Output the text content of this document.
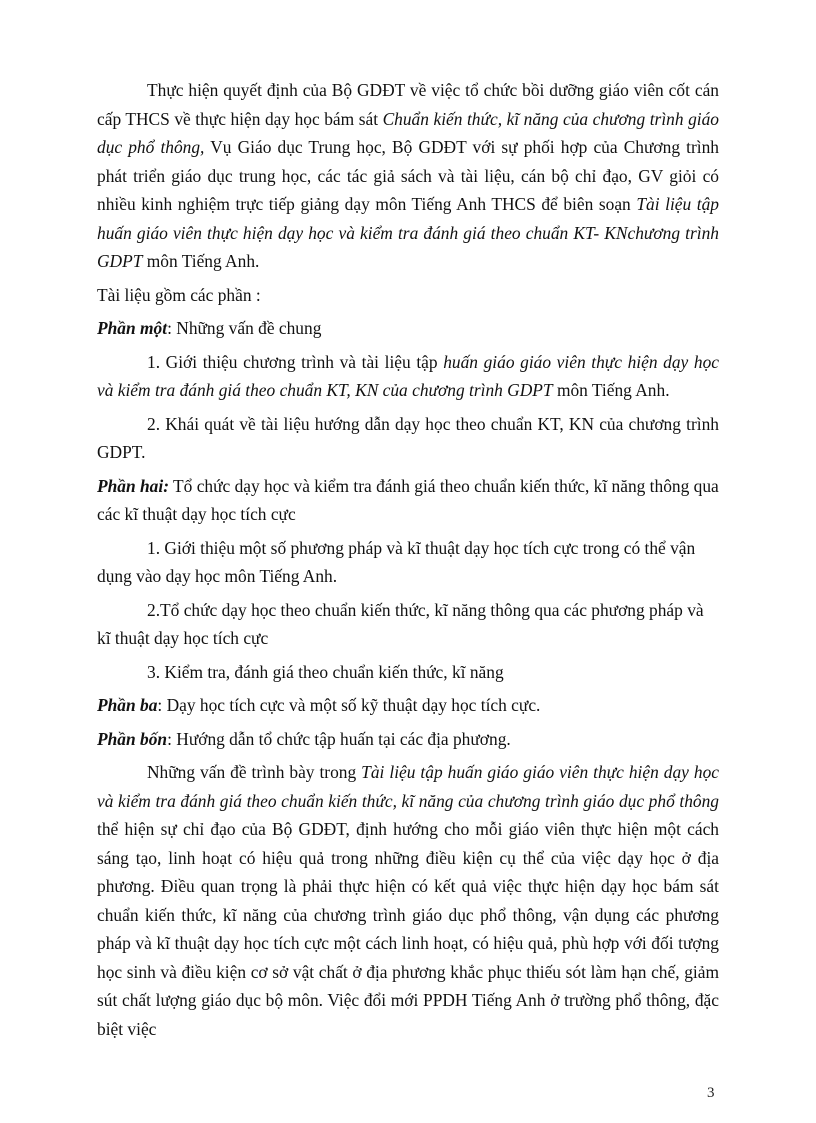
Thực hiện quyết định của Bộ GDĐT về việc tổ chức bồi dưỡng giáo viên cốt cán cấp THCS về thực hiện dạy học bám sát Chuẩn kiến thức, kĩ năng của chương trình giáo dục phổ thông, Vụ Giáo dục Trung học, Bộ GDĐT với sự phối hợp của Chương trình phát triển giáo dục trung học, các tác giả sách và tài liệu, cán bộ chỉ đạo, GV giỏi có nhiều kinh nghiệm trực tiếp giảng dạy môn Tiếng Anh THCS để biên soạn Tài liệu tập huấn giáo viên thực hiện dạy học và kiểm tra đánh giá theo chuẩn KT- KNchương trình GDPT môn Tiếng Anh.

Tài liệu gồm các phần :

Phần một: Những vấn đề chung

1. Giới thiệu chương trình và tài liệu tập huấn giáo giáo viên thực hiện dạy học và kiểm tra đánh giá theo chuẩn KT, KN của chương trình GDPT môn Tiếng Anh.

2. Khái quát về tài liệu hướng dẫn dạy học theo chuẩn KT, KN của chương trình GDPT.

Phần hai: Tổ chức dạy học và kiểm tra đánh giá theo chuẩn kiến thức, kĩ năng thông qua các kĩ thuật dạy học tích cực

1. Giới thiệu một số phương pháp và kĩ thuật dạy học tích cực trong có thể vận dụng vào dạy học môn Tiếng Anh.

2.Tổ chức dạy học theo chuẩn kiến thức, kĩ năng thông qua các phương pháp và kĩ thuật dạy học tích cực

3. Kiểm tra, đánh giá theo chuẩn kiến thức, kĩ năng

Phần ba: Dạy học tích cực và một số kỹ thuật dạy học tích cực.

Phần bốn: Hướng dẫn tổ chức tập huấn tại các địa phương.

Những vấn đề trình bày trong Tài liệu tập huấn giáo giáo viên thực hiện dạy học và kiểm tra đánh giá theo chuẩn kiến thức, kĩ năng của chương trình giáo dục phổ thông thể hiện sự chỉ đạo của Bộ GDĐT, định hướng cho mỗi giáo viên thực hiện một cách sáng tạo, linh hoạt có hiệu quả trong những điều kiện cụ thể của việc dạy học ở địa phương. Điều quan trọng là phải thực hiện có kết quả việc thực hiện dạy học bám sát chuẩn kiến thức, kĩ năng của chương trình giáo dục phổ thông, vận dụng các phương pháp và kĩ thuật dạy học tích cực một cách linh hoạt, có hiệu quả, phù hợp với đối tượng học sinh và điều kiện cơ sở vật chất ở địa phương khắc phục thiếu sót làm hạn chế, giảm sút chất lượng giáo dục bộ môn. Việc đổi mới PPDH Tiếng Anh ở trường phổ thông, đặc biệt việc

3
